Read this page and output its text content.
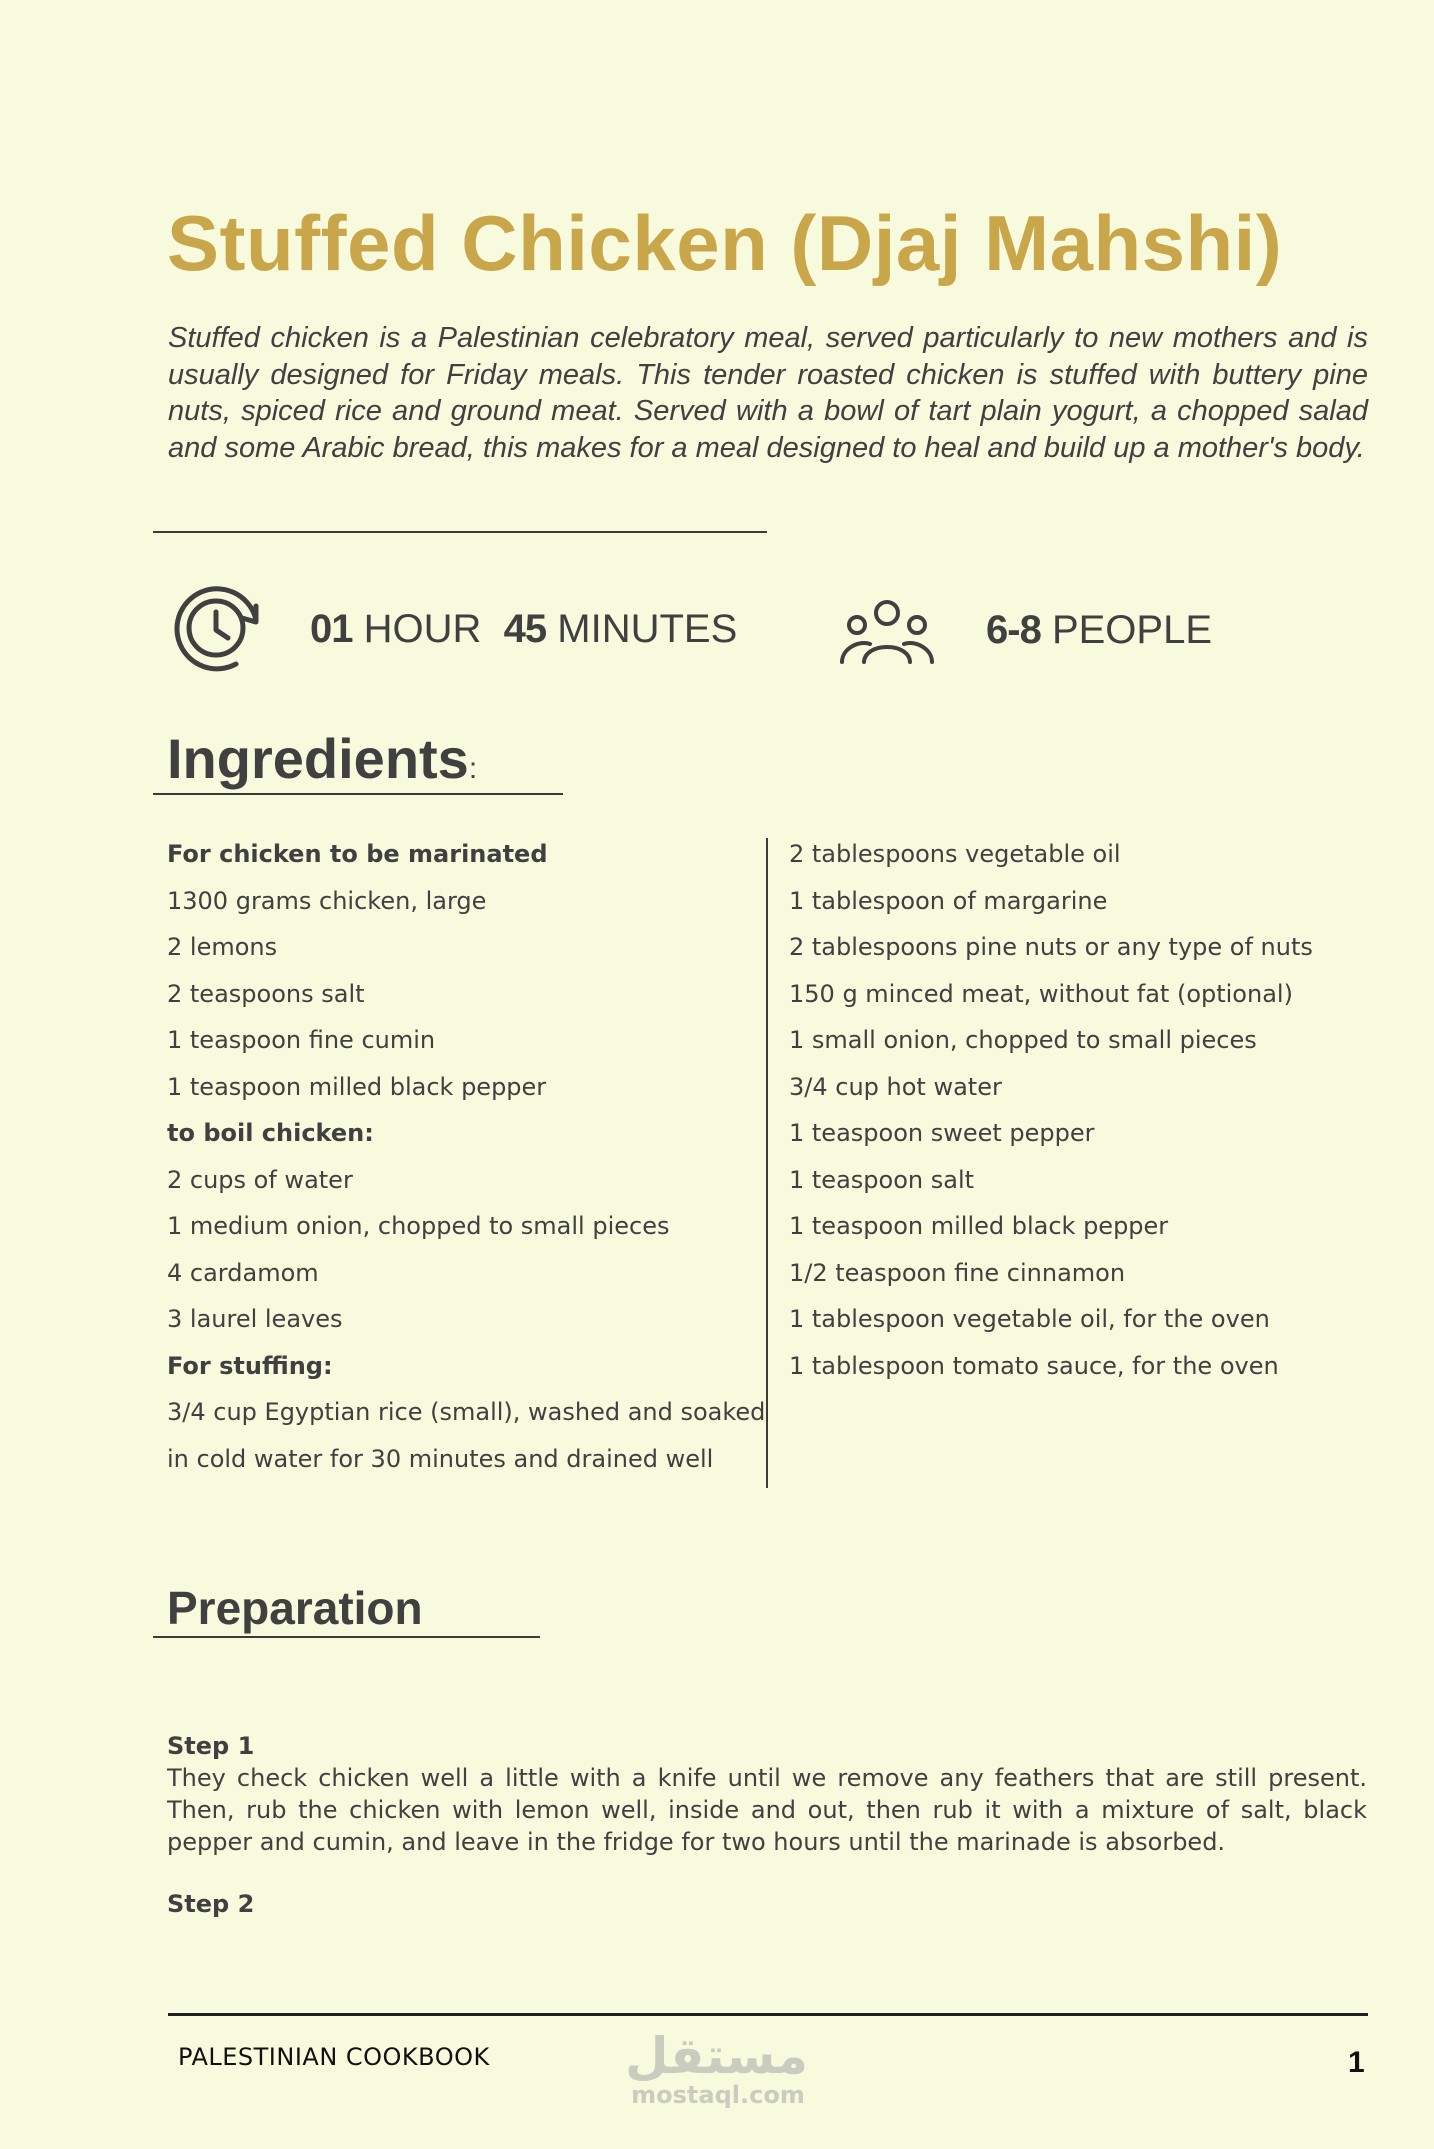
Stuffed Chicken (Djaj Mahshi)

Stuffed chicken is a Palestinian celebratory meal, served particularly to new mothers and is usually designed for Friday meals. This tender roasted chicken is stuffed with buttery pine nuts, spiced rice and ground meat. Served with a bowl of tart plain yogurt, a chopped salad and some Arabic bread, this makes for a meal designed to heal and build up a mother's body.

01 HOUR 45 MINUTES	6-8 PEOPLE
Ingredients:
For chicken to be marinated
1300 grams chicken, large
2 lemons
2 teaspoons salt
1 teaspoon fine cumin
1 teaspoon milled black pepper
to boil chicken:
2 cups of water
1 medium onion, chopped to small pieces
4 cardamom
3 laurel leaves
For stuffing:
3/4 cup Egyptian rice (small), washed and soaked
in cold water for 30 minutes and drained well
2 tablespoons vegetable oil
1 tablespoon of margarine
2 tablespoons pine nuts or any type of nuts
150 g minced meat, without fat (optional)
1 small onion, chopped to small pieces
3/4 cup hot water
1 teaspoon sweet pepper
1 teaspoon salt
1 teaspoon milled black pepper
1/2 teaspoon fine cinnamon
1 tablespoon vegetable oil, for the oven
1 tablespoon tomato sauce, for the oven
Preparation
Step 1

They check chicken well a little with a knife until we remove any feathers that are still present. Then, rub the chicken with lemon well, inside and out, then rub it with a mixture of salt, black pepper and cumin, and leave in the fridge for two hours until the marinade is absorbed.

Step 2
PALESTINIAN COOKBOOK	مستقل
mostaql.com
1
